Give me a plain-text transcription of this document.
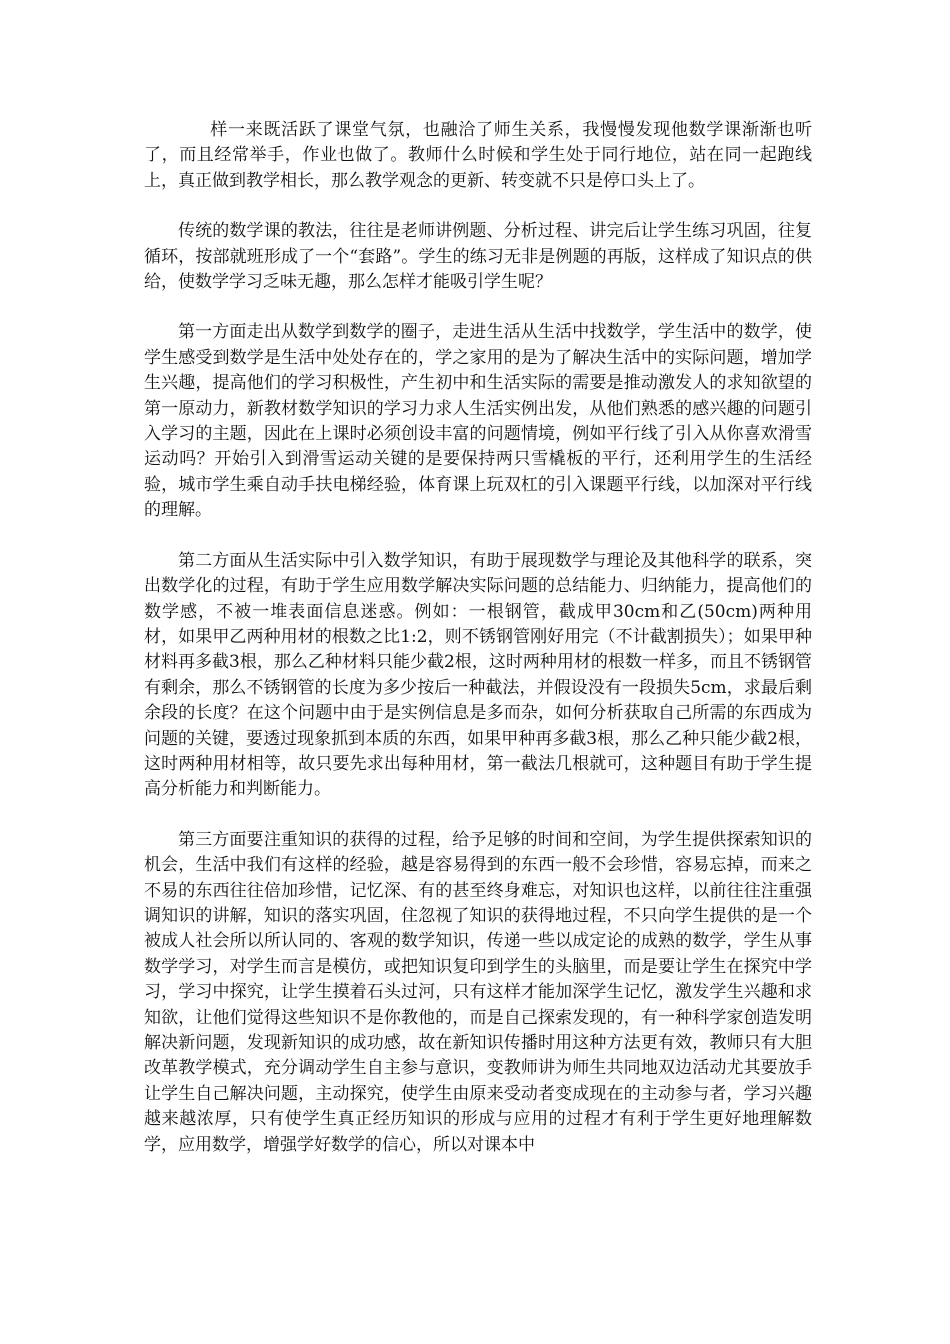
样一来既活跃了课堂气氛，也融洽了师生关系，我慢慢发现他数学课渐渐也听了，而且经常举手，作业也做了。教师什么时候和学生处于同行地位，站在同一起跑线上，真正做到教学相长，那么教学观念的更新、转变就不只是停口头上了。

传统的数学课的教法，往往是老师讲例题、分析过程、讲完后让学生练习巩固，往复循环，按部就班形成了一个“套路”。学生的练习无非是例题的再版，这样成了知识点的供给，使数学学习乏味无趣，那么怎样才能吸引学生呢？

第一方面走出从数学到数学的圈子，走进生活从生活中找数学，学生活中的数学，使学生感受到数学是生活中处处存在的，学之家用的是为了解决生活中的实际问题，增加学生兴趣，提高他们的学习积极性，产生初中和生活实际的需要是推动激发人的求知欲望的第一原动力，新教材数学知识的学习力求人生活实例出发，从他们熟悉的感兴趣的问题引入学习的主题，因此在上课时必须创设丰富的问题情境，例如平行线了引入从你喜欢滑雪运动吗？开始引入到滑雪运动关键的是要保持两只雪橇板的平行，还利用学生的生活经验，城市学生乘自动手扶电梯经验，体育课上玩双杠的引入课题平行线，以加深对平行线的理解。

第二方面从生活实际中引入数学知识，有助于展现数学与理论及其他科学的联系，突出数学化的过程，有助于学生应用数学解决实际问题的总结能力、归纳能力，提高他们的数学感，不被一堆表面信息迷惑。例如：一根钢管，截成甲30cm和乙(50cm)两种用材，如果甲乙两种用材的根数之比1:2，则不锈钢管刚好用完（不计截割损失）；如果甲种材料再多截3根，那么乙种材料只能少截2根，这时两种用材的根数一样多，而且不锈钢管有剩余，那么不锈钢管的长度为多少按后一种截法，并假设没有一段损失5cm，求最后剩余段的长度？在这个问题中由于是实例信息是多而杂，如何分析获取自己所需的东西成为问题的关键，要透过现象抓到本质的东西，如果甲种再多截3根，那么乙种只能少截2根，这时两种用材相等，故只要先求出每种用材，第一截法几根就可，这种题目有助于学生提高分析能力和判断能力。

第三方面要注重知识的获得的过程，给予足够的时间和空间，为学生提供探索知识的机会，生活中我们有这样的经验，越是容易得到的东西一般不会珍惜，容易忘掉，而来之不易的东西往往倍加珍惜，记忆深、有的甚至终身难忘，对知识也这样，以前往往注重强调知识的讲解，知识的落实巩固，住忽视了知识的获得地过程，不只向学生提供的是一个被成人社会所以所认同的、客观的数学知识，传递一些以成定论的成熟的数学，学生从事数学学习，对学生而言是模仿，或把知识复印到学生的头脑里，而是要让学生在探究中学习，学习中探究，让学生摸着石头过河，只有这样才能加深学生记忆，激发学生兴趣和求知欲，让他们觉得这些知识不是你教他的，而是自己探索发现的，有一种科学家创造发明解决新问题，发现新知识的成功感，故在新知识传播时用这种方法更有效，教师只有大胆改革教学模式，充分调动学生自主参与意识，变教师讲为师生共同地双边活动尤其要放手让学生自己解决问题，主动探究，使学生由原来受动者变成现在的主动参与者，学习兴趣越来越浓厚，只有使学生真正经历知识的形成与应用的过程才有利于学生更好地理解数学，应用数学，增强学好数学的信心，所以对课本中
